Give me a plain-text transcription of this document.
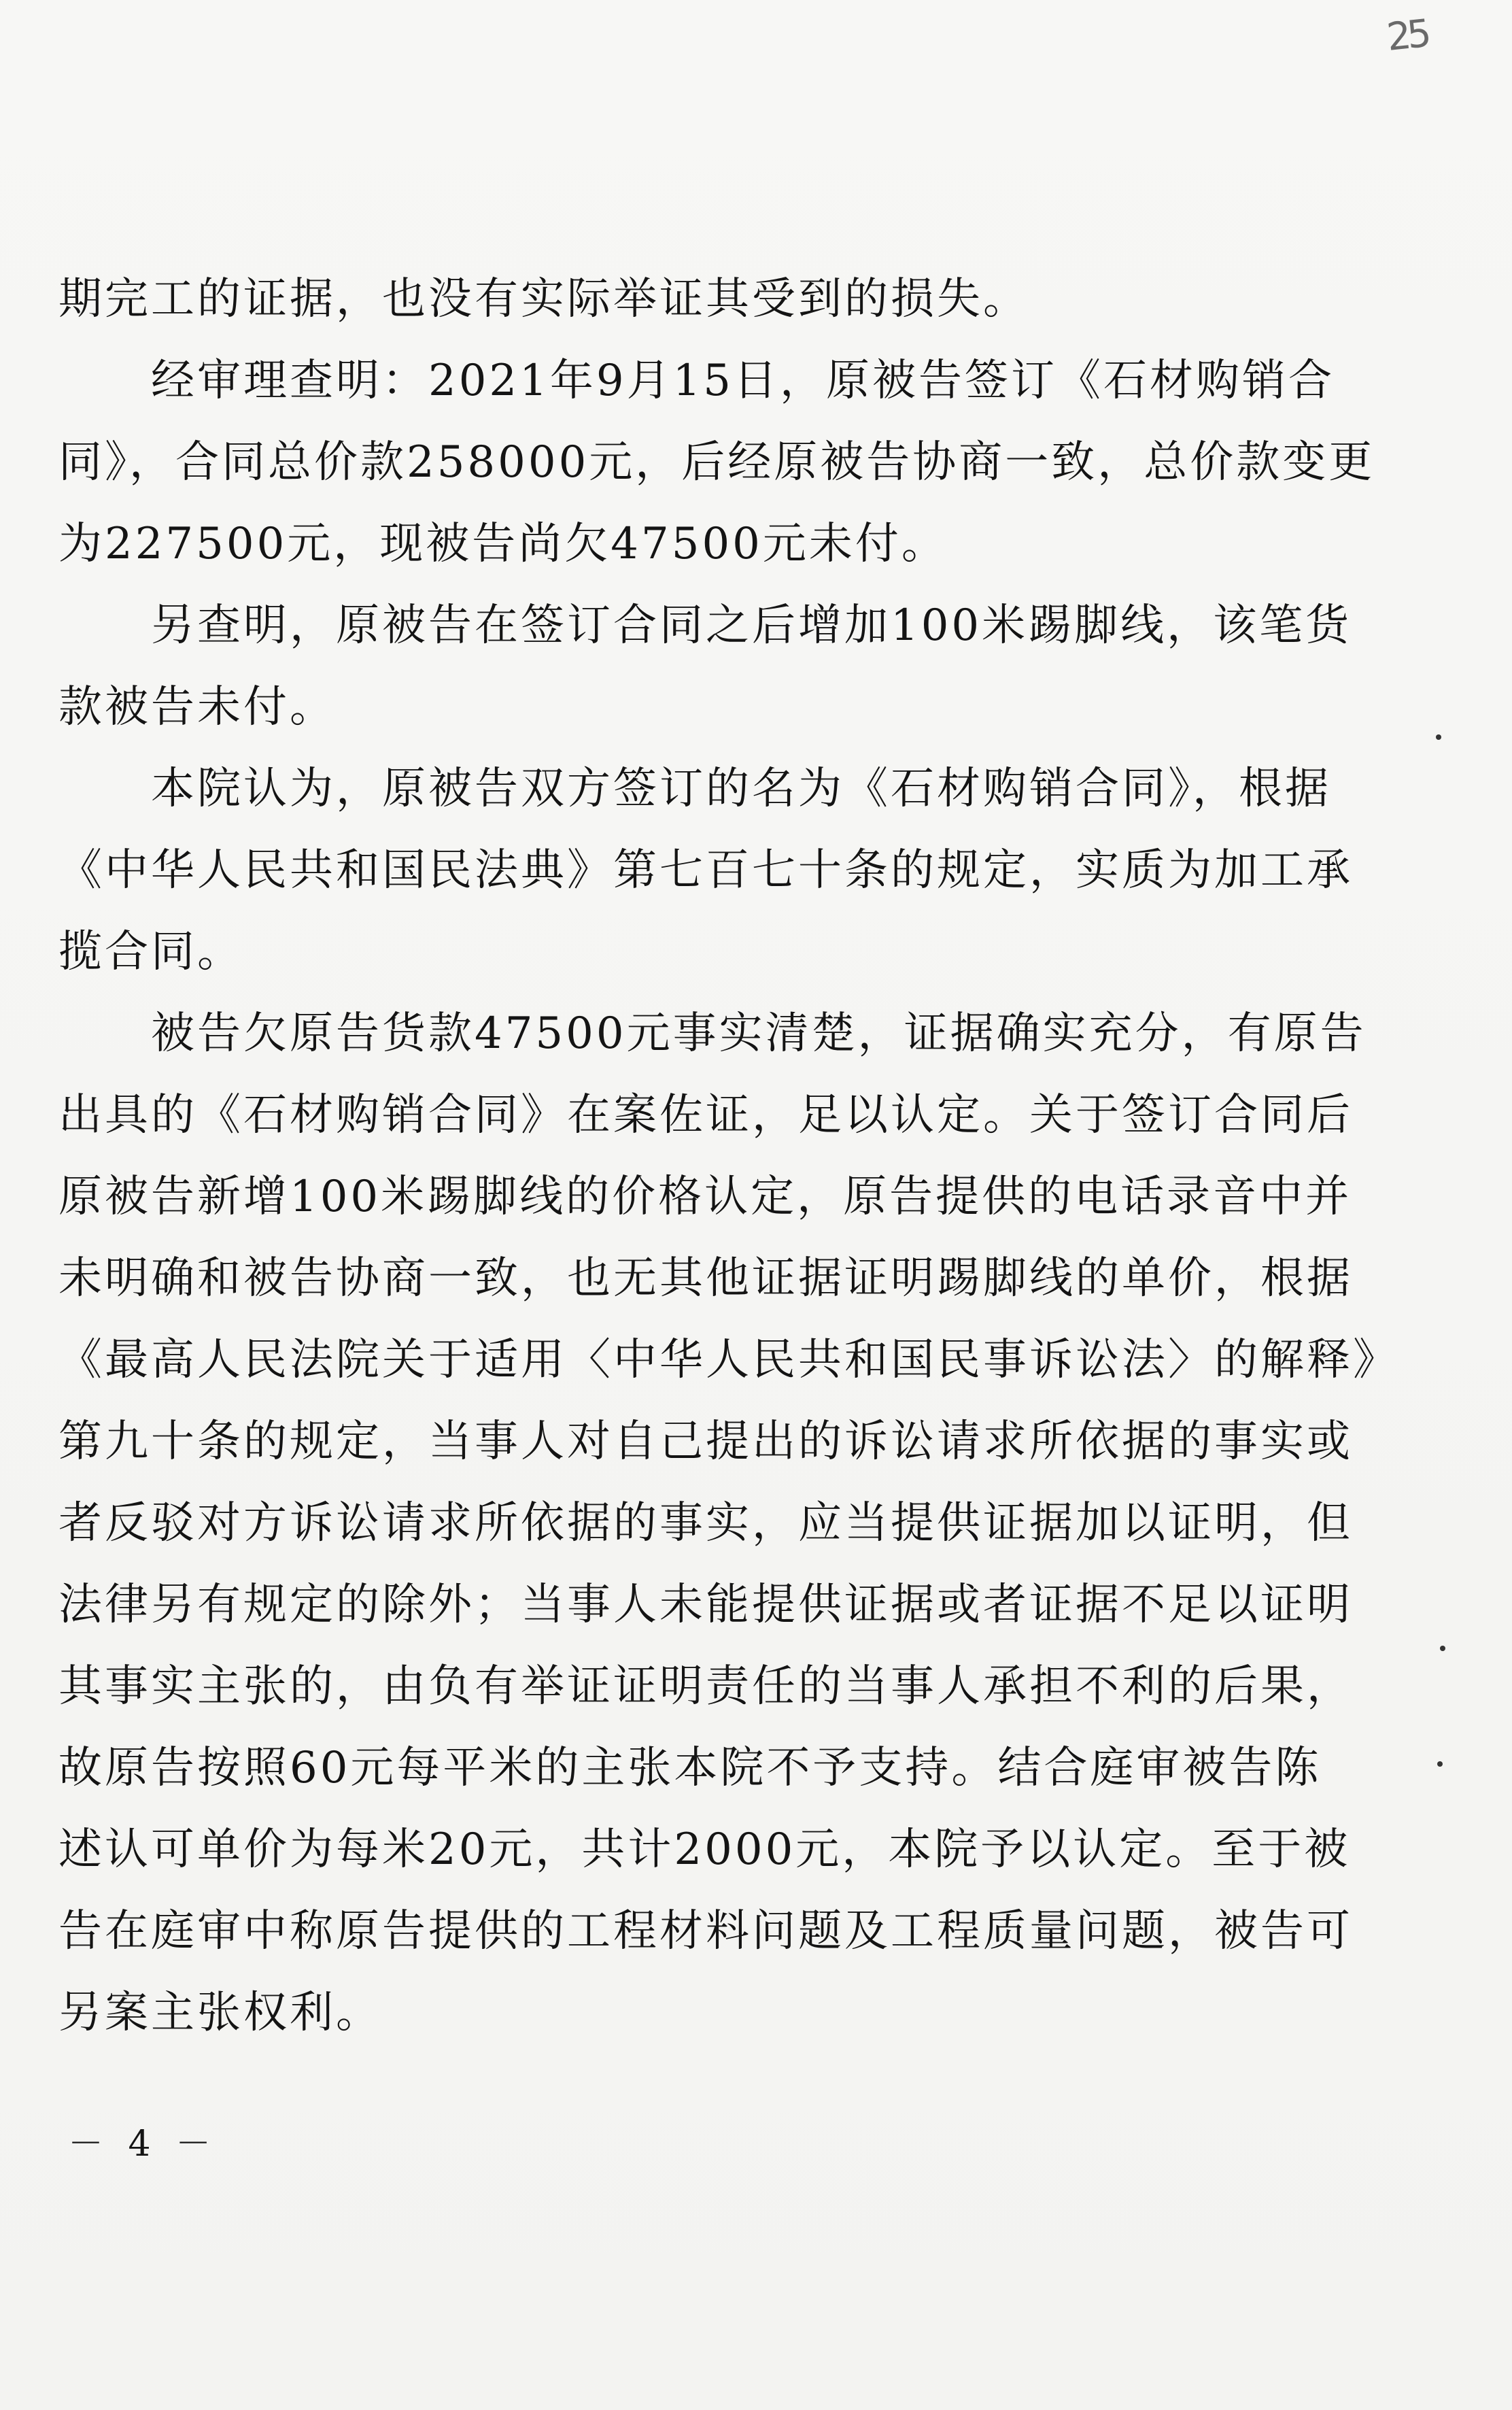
25
期完工的证据，也没有实际举证其受到的损失。
　　经审理查明：2021年9月15日，原被告签订《石材购销合
同》，合同总价款258000元，后经原被告协商一致，总价款变更
为227500元，现被告尚欠47500元未付。
　　另查明，原被告在签订合同之后增加100米踢脚线，该笔货
款被告未付。
　　本院认为，原被告双方签订的名为《石材购销合同》，根据
《中华人民共和国民法典》第七百七十条的规定，实质为加工承
揽合同。
　　被告欠原告货款47500元事实清楚，证据确实充分，有原告
出具的《石材购销合同》在案佐证，足以认定。关于签订合同后
原被告新增100米踢脚线的价格认定，原告提供的电话录音中并
未明确和被告协商一致，也无其他证据证明踢脚线的单价，根据
《最高人民法院关于适用〈中华人民共和国民事诉讼法〉的解释》
第九十条的规定，当事人对自己提出的诉讼请求所依据的事实或
者反驳对方诉讼请求所依据的事实，应当提供证据加以证明，但
法律另有规定的除外；当事人未能提供证据或者证据不足以证明
其事实主张的，由负有举证证明责任的当事人承担不利的后果，
故原告按照60元每平米的主张本院不予支持。结合庭审被告陈
述认可单价为每米20元，共计2000元，本院予以认定。至于被
告在庭审中称原告提供的工程材料问题及工程质量问题，被告可
另案主张权利。
－ 4 －
